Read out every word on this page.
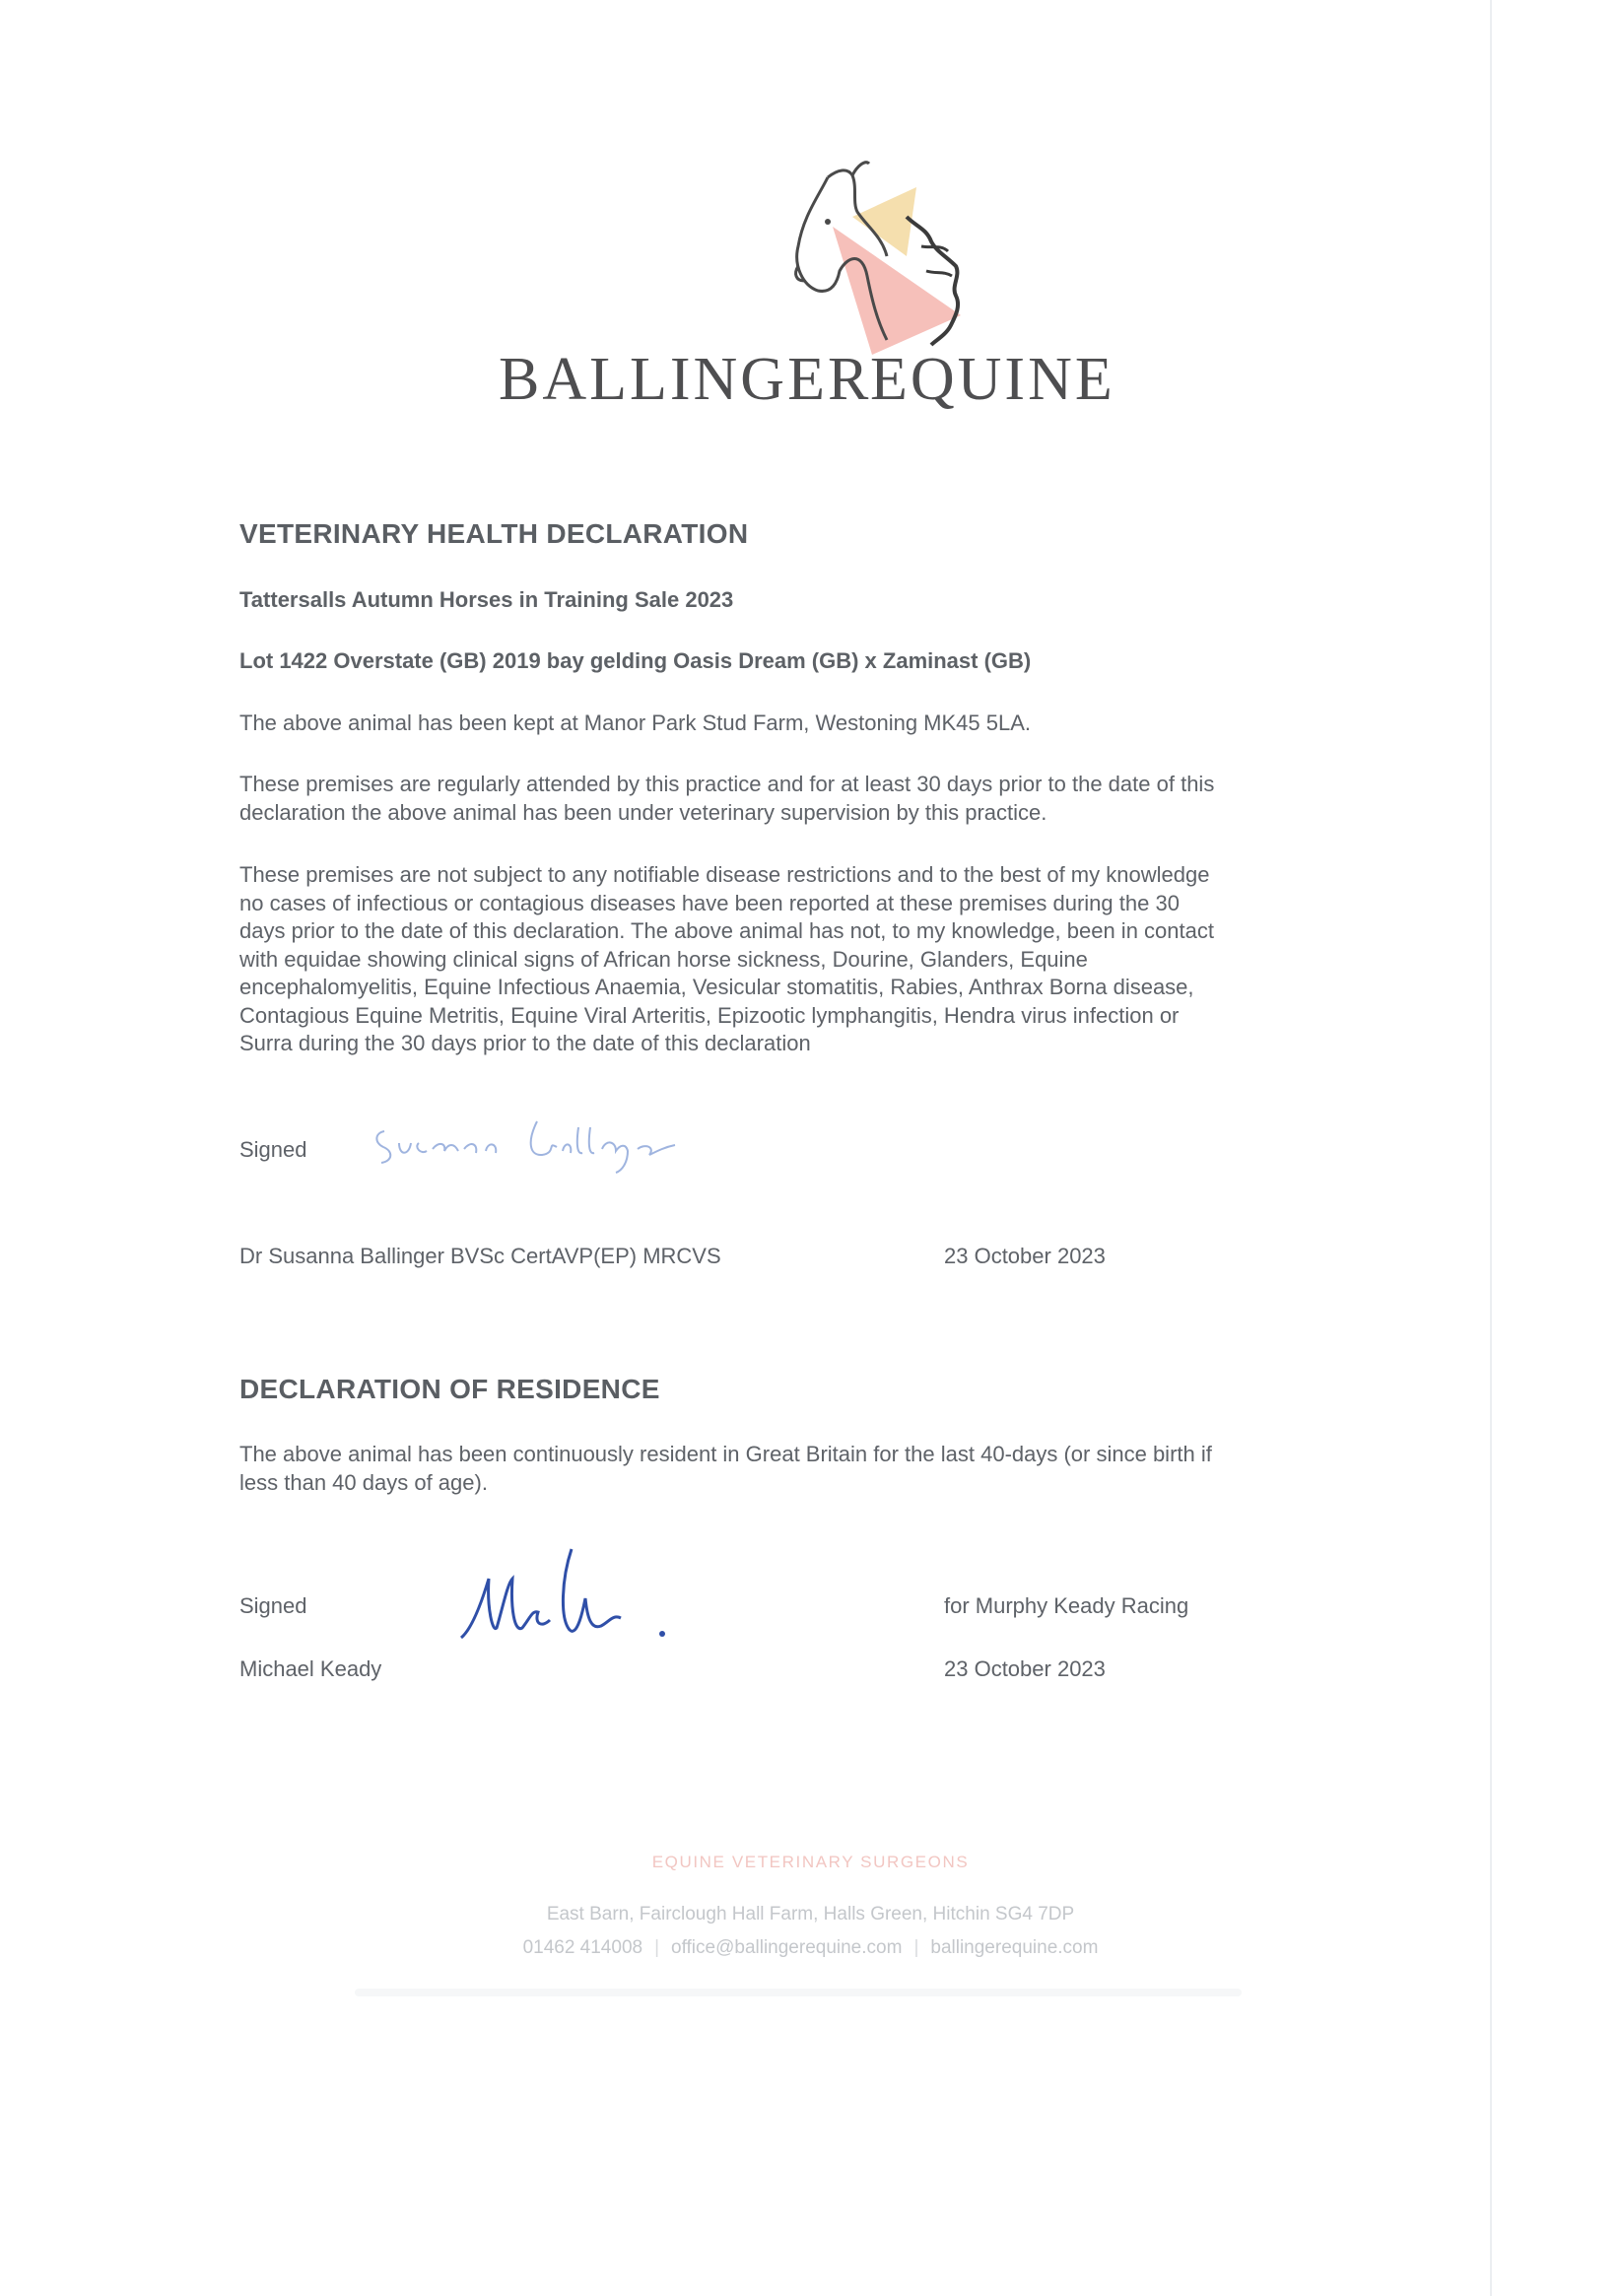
BALLINGER
EQUINE
VETERINARY HEALTH DECLARATION
Tattersalls Autumn Horses in Training Sale 2023
Lot 1422 Overstate (GB) 2019 bay gelding Oasis Dream (GB) x Zaminast (GB)
The above animal has been kept at Manor Park Stud Farm, Westoning MK45 5LA.
These premises are regularly attended by this practice and for at least 30 days prior to the date of this
declaration the above animal has been under veterinary supervision by this practice.
These premises are not subject to any notifiable disease restrictions and to the best of my knowledge
no cases of infectious or contagious diseases have been reported at these premises during the 30
days prior to the date of this declaration. The above animal has not, to my knowledge, been in contact
with equidae showing clinical signs of African horse sickness, Dourine, Glanders, Equine
encephalomyelitis, Equine Infectious Anaemia, Vesicular stomatitis, Rabies, Anthrax Borna disease,
Contagious Equine Metritis, Equine Viral Arteritis, Epizootic lymphangitis, Hendra virus infection or
Surra during the 30 days prior to the date of this declaration
Signed
Dr Susanna Ballinger BVSc CertAVP(EP) MRCVS	23 October 2023
DECLARATION OF RESIDENCE
The above animal has been continuously resident in Great Britain for the last 40-days (or since birth if
less than 40 days of age).
Signed	for Murphy Keady Racing
Michael Keady	23 October 2023
EQUINE VETERINARY SURGEONS
East Barn, Fairclough Hall Farm, Halls Green, Hitchin SG4 7DP
01462 414008 | office@ballingerequine.com | ballingerequine.com
